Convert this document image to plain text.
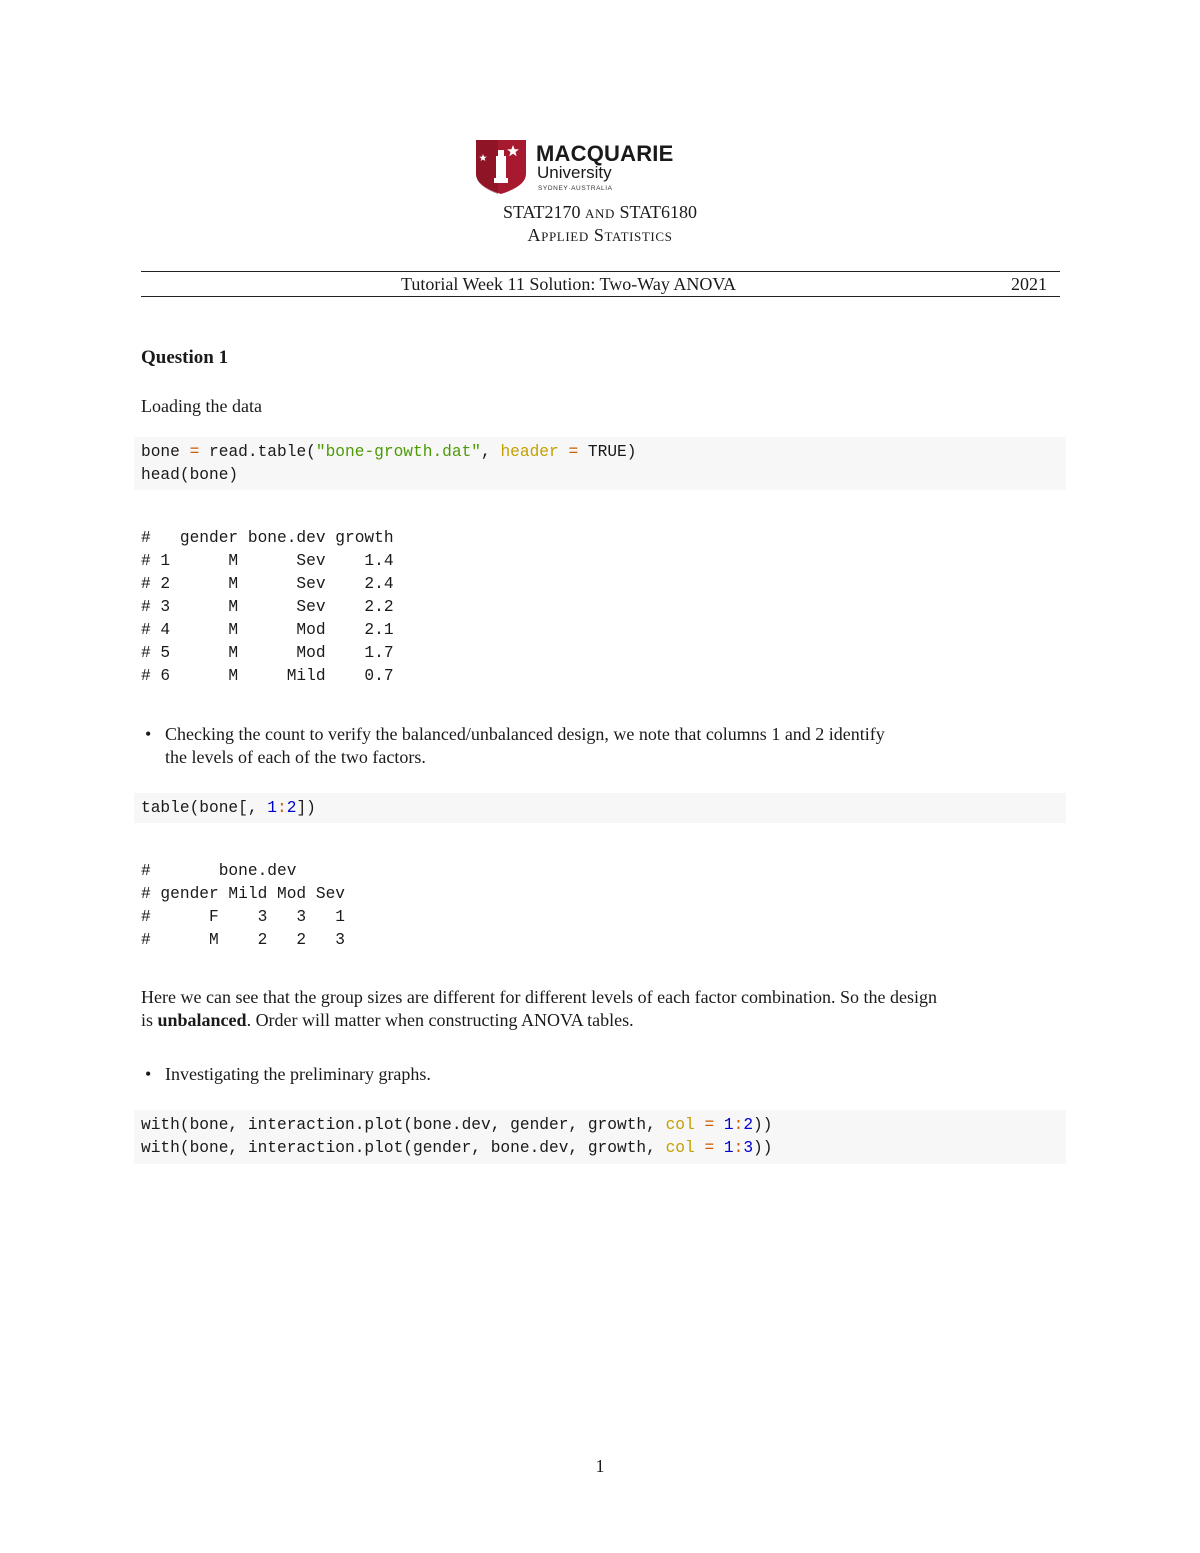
MACQUARIE
University
SYDNEY·AUSTRALIA
STAT2170 and STAT6180
Applied Statistics
Tutorial Week 11 Solution: Two-Way ANOVA	2021
Question 1
Loading the data
bone = read.table("bone-growth.dat", header = TRUE)
head(bone)
#   gender bone.dev growth
# 1      M      Sev    1.4
# 2      M      Sev    2.4
# 3      M      Sev    2.2
# 4      M      Mod    2.1
# 5      M      Mod    1.7
# 6      M     Mild    0.7
• Checking the count to verify the balanced/unbalanced design, we note that columns 1 and 2 identify
the levels of each of the two factors.
table(bone[, 1:2])
#       bone.dev
# gender Mild Mod Sev
#      F    3   3   1
#      M    2   2   3
Here we can see that the group sizes are different for different levels of each factor combination. So the design
is unbalanced. Order will matter when constructing ANOVA tables.
• Investigating the preliminary graphs.
with(bone, interaction.plot(bone.dev, gender, growth, col = 1:2))
with(bone, interaction.plot(gender, bone.dev, growth, col = 1:3))
1
